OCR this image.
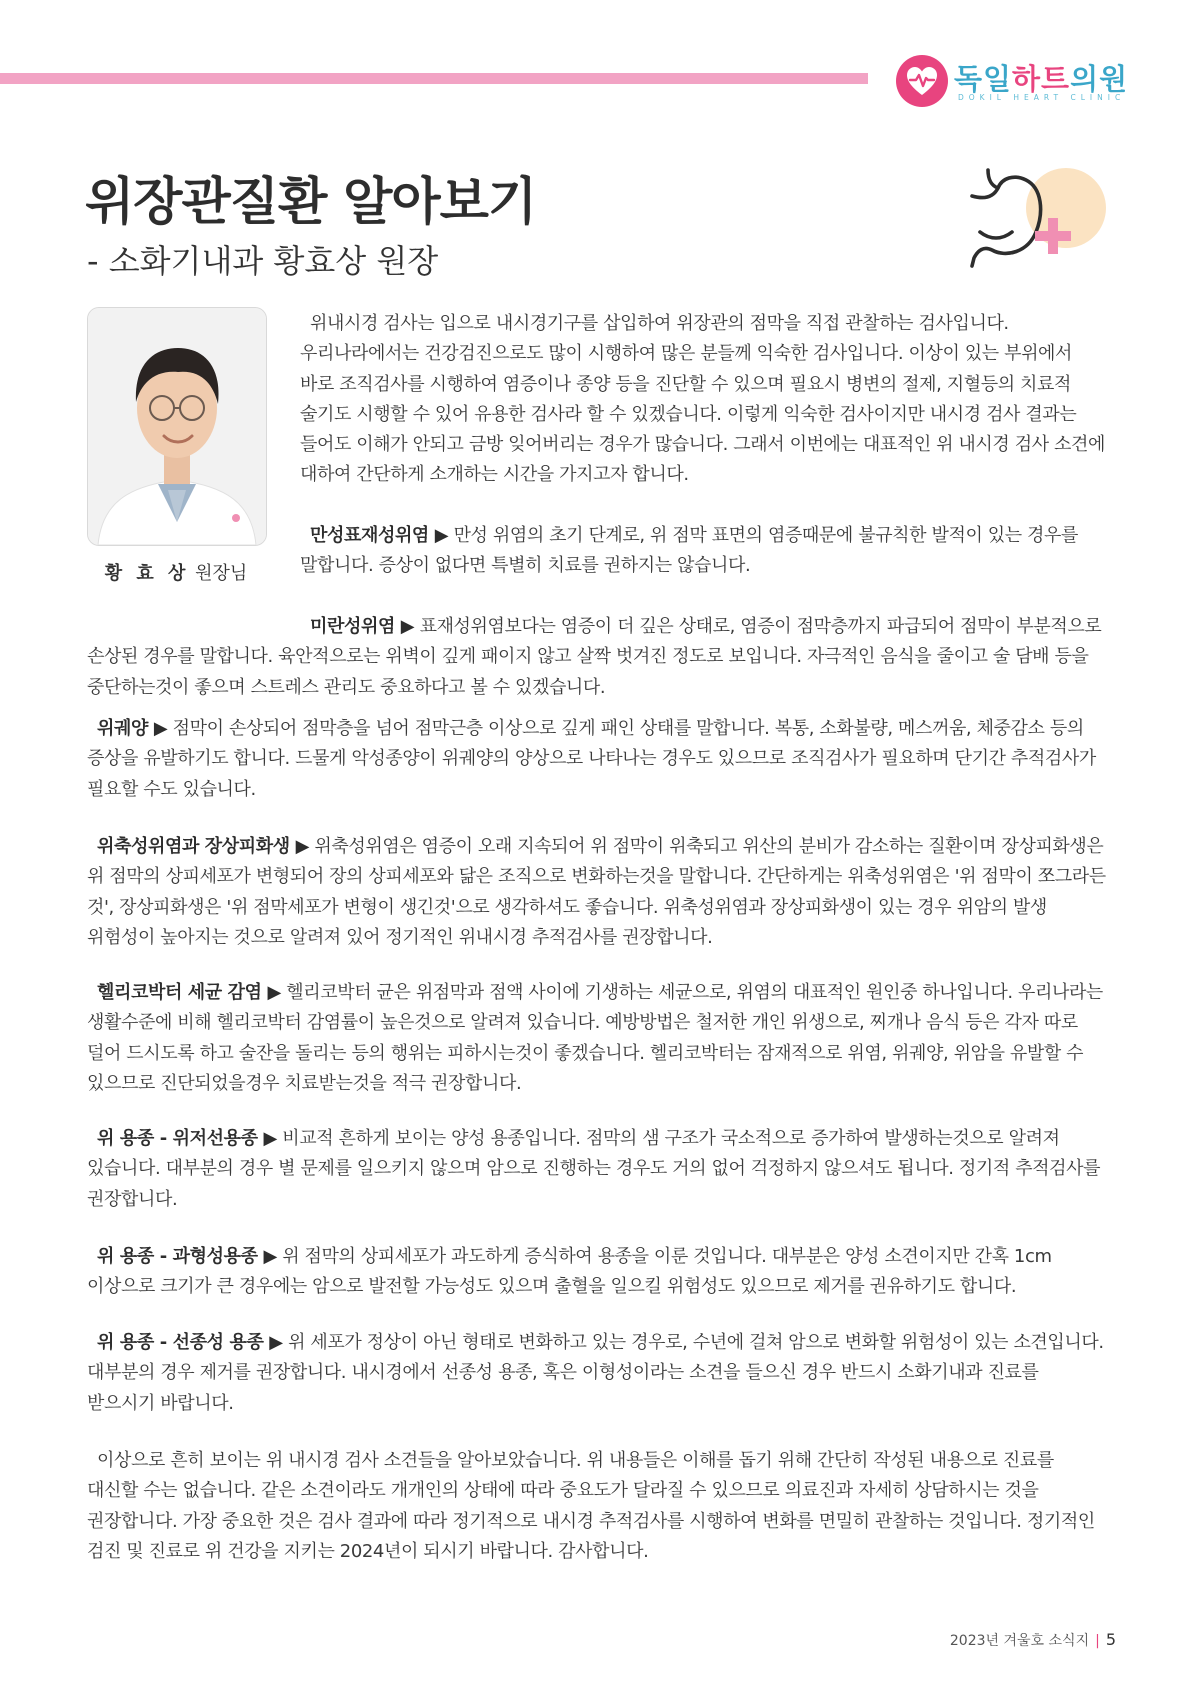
독일하트의원
DOKIL HEART CLINIC
위장관질환 알아보기
- 소화기내과 황효상 원장
황 효 상 원장님
위내시경 검사는 입으로 내시경기구를 삽입하여 위장관의 점막을 직접 관찰하는 검사입니다. 우리나라에서는 건강검진으로도 많이 시행하여 많은 분들께 익숙한 검사입니다. 이상이 있는 부위에서 바로 조직검사를 시행하여 염증이나 종양 등을 진단할 수 있으며 필요시 병변의 절제, 지혈등의 치료적 술기도 시행할 수 있어 유용한 검사라 할 수 있겠습니다. 이렇게 익숙한 검사이지만 내시경 검사 결과는 들어도 이해가 안되고 금방 잊어버리는 경우가 많습니다. 그래서 이번에는 대표적인 위 내시경 검사 소견에 대하여 간단하게 소개하는 시간을 가지고자 합니다.
만성표재성위염 ▶ 만성 위염의 초기 단계로, 위 점막 표면의 염증때문에 불규칙한 발적이 있는 경우를 말합니다. 증상이 없다면 특별히 치료를 권하지는 않습니다.
미란성위염 ▶ 표재성위염보다는 염증이 더 깊은 상태로, 염증이 점막층까지 파급되어 점막이 부분적으로 손상된 경우를 말합니다. 육안적으로는 위벽이 깊게 패이지 않고 살짝 벗겨진 정도로 보입니다. 자극적인 음식을 줄이고 술 담배 등을 중단하는것이 좋으며 스트레스 관리도 중요하다고 볼 수 있겠습니다.
위궤양 ▶ 점막이 손상되어 점막층을 넘어 점막근층 이상으로 깊게 패인 상태를 말합니다. 복통, 소화불량, 메스꺼움, 체중감소 등의 증상을 유발하기도 합니다. 드물게 악성종양이 위궤양의 양상으로 나타나는 경우도 있으므로 조직검사가 필요하며 단기간 추적검사가 필요할 수도 있습니다.
위축성위염과 장상피화생 ▶ 위축성위염은 염증이 오래 지속되어 위 점막이 위축되고 위산의 분비가 감소하는 질환이며 장상피화생은 위 점막의 상피세포가 변형되어 장의 상피세포와 닮은 조직으로 변화하는것을 말합니다. 간단하게는 위축성위염은 '위 점막이 쪼그라든 것', 장상피화생은 '위 점막세포가 변형이 생긴것'으로 생각하셔도 좋습니다. 위축성위염과 장상피화생이 있는 경우 위암의 발생 위험성이 높아지는 것으로 알려져 있어 정기적인 위내시경 추적검사를 권장합니다.
헬리코박터 세균 감염 ▶ 헬리코박터 균은 위점막과 점액 사이에 기생하는 세균으로, 위염의 대표적인 원인중 하나입니다. 우리나라는 생활수준에 비해 헬리코박터 감염률이 높은것으로 알려져 있습니다. 예방방법은 철저한 개인 위생으로, 찌개나 음식 등은 각자 따로 덜어 드시도록 하고 술잔을 돌리는 등의 행위는 피하시는것이 좋겠습니다. 헬리코박터는 잠재적으로 위염, 위궤양, 위암을 유발할 수 있으므로 진단되었을경우 치료받는것을 적극 권장합니다.
위 용종 - 위저선용종 ▶ 비교적 흔하게 보이는 양성 용종입니다. 점막의 샘 구조가 국소적으로 증가하여 발생하는것으로 알려져 있습니다. 대부분의 경우 별 문제를 일으키지 않으며 암으로 진행하는 경우도 거의 없어 걱정하지 않으셔도 됩니다. 정기적 추적검사를 권장합니다.
위 용종 - 과형성용종 ▶ 위 점막의 상피세포가 과도하게 증식하여 용종을 이룬 것입니다. 대부분은 양성 소견이지만 간혹 1cm 이상으로 크기가 큰 경우에는 암으로 발전할 가능성도 있으며 출혈을 일으킬 위험성도 있으므로 제거를 권유하기도 합니다.
위 용종 - 선종성 용종 ▶ 위 세포가 정상이 아닌 형태로 변화하고 있는 경우로, 수년에 걸쳐 암으로 변화할 위험성이 있는 소견입니다. 대부분의 경우 제거를 권장합니다. 내시경에서 선종성 용종, 혹은 이형성이라는 소견을 들으신 경우 반드시 소화기내과 진료를 받으시기 바랍니다.
이상으로 흔히 보이는 위 내시경 검사 소견들을 알아보았습니다. 위 내용들은 이해를 돕기 위해 간단히 작성된 내용으로 진료를 대신할 수는 없습니다. 같은 소견이라도 개개인의 상태에 따라 중요도가 달라질 수 있으므로 의료진과 자세히 상담하시는 것을 권장합니다. 가장 중요한 것은 검사 결과에 따라 정기적으로 내시경 추적검사를 시행하여 변화를 면밀히 관찰하는 것입니다. 정기적인 검진 및 진료로 위 건강을 지키는 2024년이 되시기 바랍니다. 감사합니다.
2023년 겨울호 소식지 | 5
